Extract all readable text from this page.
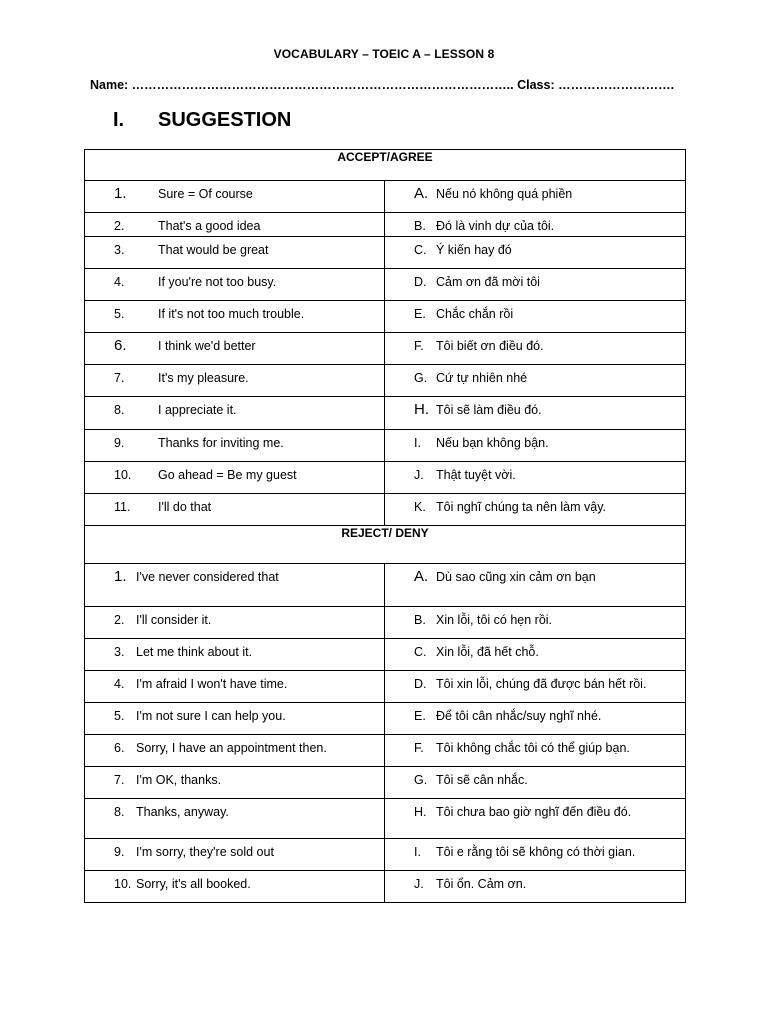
VOCABULARY – TOEIC A – LESSON 8
Name: ……………………………………………………………………………….. Class: ……………………….
I. SUGGESTION
ACCEPT/AGREE	

1. Sure = Of course	A. Nếu nó không quá phiền

2. That's a good idea	B. Đó là vinh dự của tôi.

3. That would be great	C. Ý kiến hay đó

4. If you're not too busy.	D. Cảm ơn đã mời tôi

5. If it's not too much trouble.	E. Chắc chắn rồi

6. I think we'd better	F. Tôi biết ơn điều đó.

7. It's my pleasure.	G. Cứ tự nhiên nhé

8. I appreciate it.	H. Tôi sẽ làm điều đó.

9. Thanks for inviting me.	I. Nếu bạn không bận.

10. Go ahead = Be my guest	J. Thật tuyệt vời.

11. I'll do that	K. Tôi nghĩ chúng ta nên làm vậy.

REJECT/ DENY	

1. I've never considered that	A. Dù sao cũng xin cảm ơn bạn

2. I'll consider it.	B. Xin lỗi, tôi có hẹn rồi.

3. Let me think about it.	C. Xin lỗi, đã hết chỗ.

4. I'm afraid I won't have time.	D. Tôi xin lỗi, chúng đã được bán hết rồi.

5. I'm not sure I can help you.	E. Để tôi cân nhắc/suy nghĩ nhé.

6. Sorry, I have an appointment then.	F. Tôi không chắc tôi có thể giúp bạn.

7. I'm OK, thanks.	G. Tôi sẽ cân nhắc.

8. Thanks, anyway.	H. Tôi chưa bao giờ nghĩ đến điều đó.

9. I'm sorry, they're sold out	I. Tôi e rằng tôi sẽ không có thời gian.

10. Sorry, it's all booked.	J. Tôi ổn. Cảm ơn.
